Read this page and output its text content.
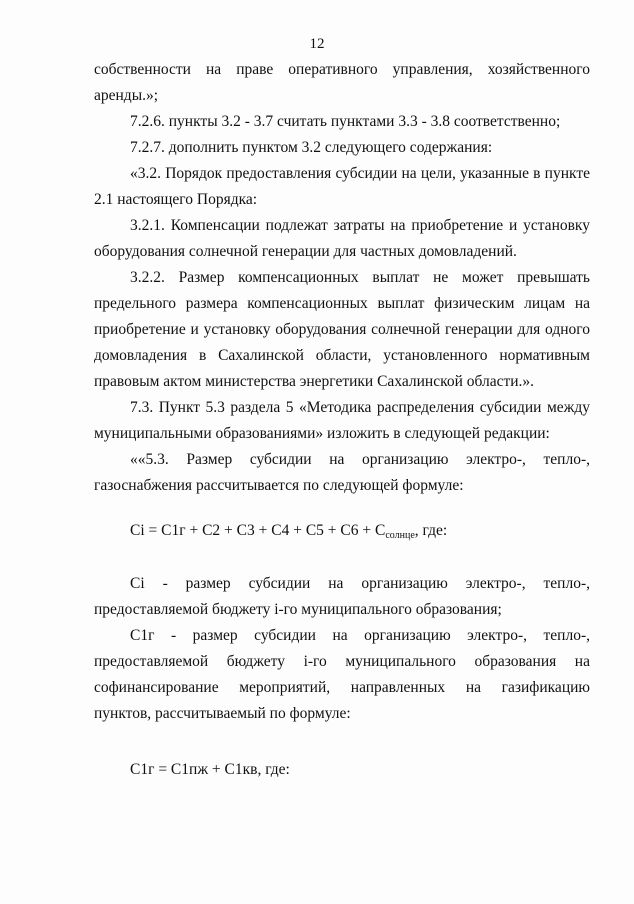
12
собственности на праве оперативного управления, хозяйственного
аренды.»;
7.2.6. пункты 3.2 - 3.7 считать пунктами 3.3 - 3.8 соответственно;
7.2.7. дополнить пунктом 3.2 следующего содержания:
«3.2. Порядок предоставления субсидии на цели, указанные в пункте
2.1 настоящего Порядка:
3.2.1. Компенсации подлежат затраты на приобретение и установку
оборудования солнечной генерации для частных домовладений.
3.2.2. Размер компенсационных выплат не может превышать
предельного размера компенсационных выплат физическим лицам на
приобретение и установку оборудования солнечной генерации для одного
домовладения в Сахалинской области, установленного нормативным
правовым актом министерства энергетики Сахалинской области.».
7.3. Пункт 5.3 раздела 5 «Методика распределения субсидии между
муниципальными образованиями» изложить в следующей редакции:
««5.3. Размер субсидии на организацию электро-, тепло-,
газоснабжения рассчитывается по следующей формуле:
$Ci = C1г + C2 + C3 + C4 + C5 + C6 + C_{солнце}$, где:
Ci - размер субсидии на организацию электро-, тепло-,
предоставляемой бюджету i-го муниципального образования;
C1г - размер субсидии на организацию электро-, тепло-,
предоставляемой бюджету i-го муниципального образования на
софинансирование мероприятий, направленных на газификацию
пунктов, рассчитываемый по формуле:
C1г = C1пж + C1кв, где:
